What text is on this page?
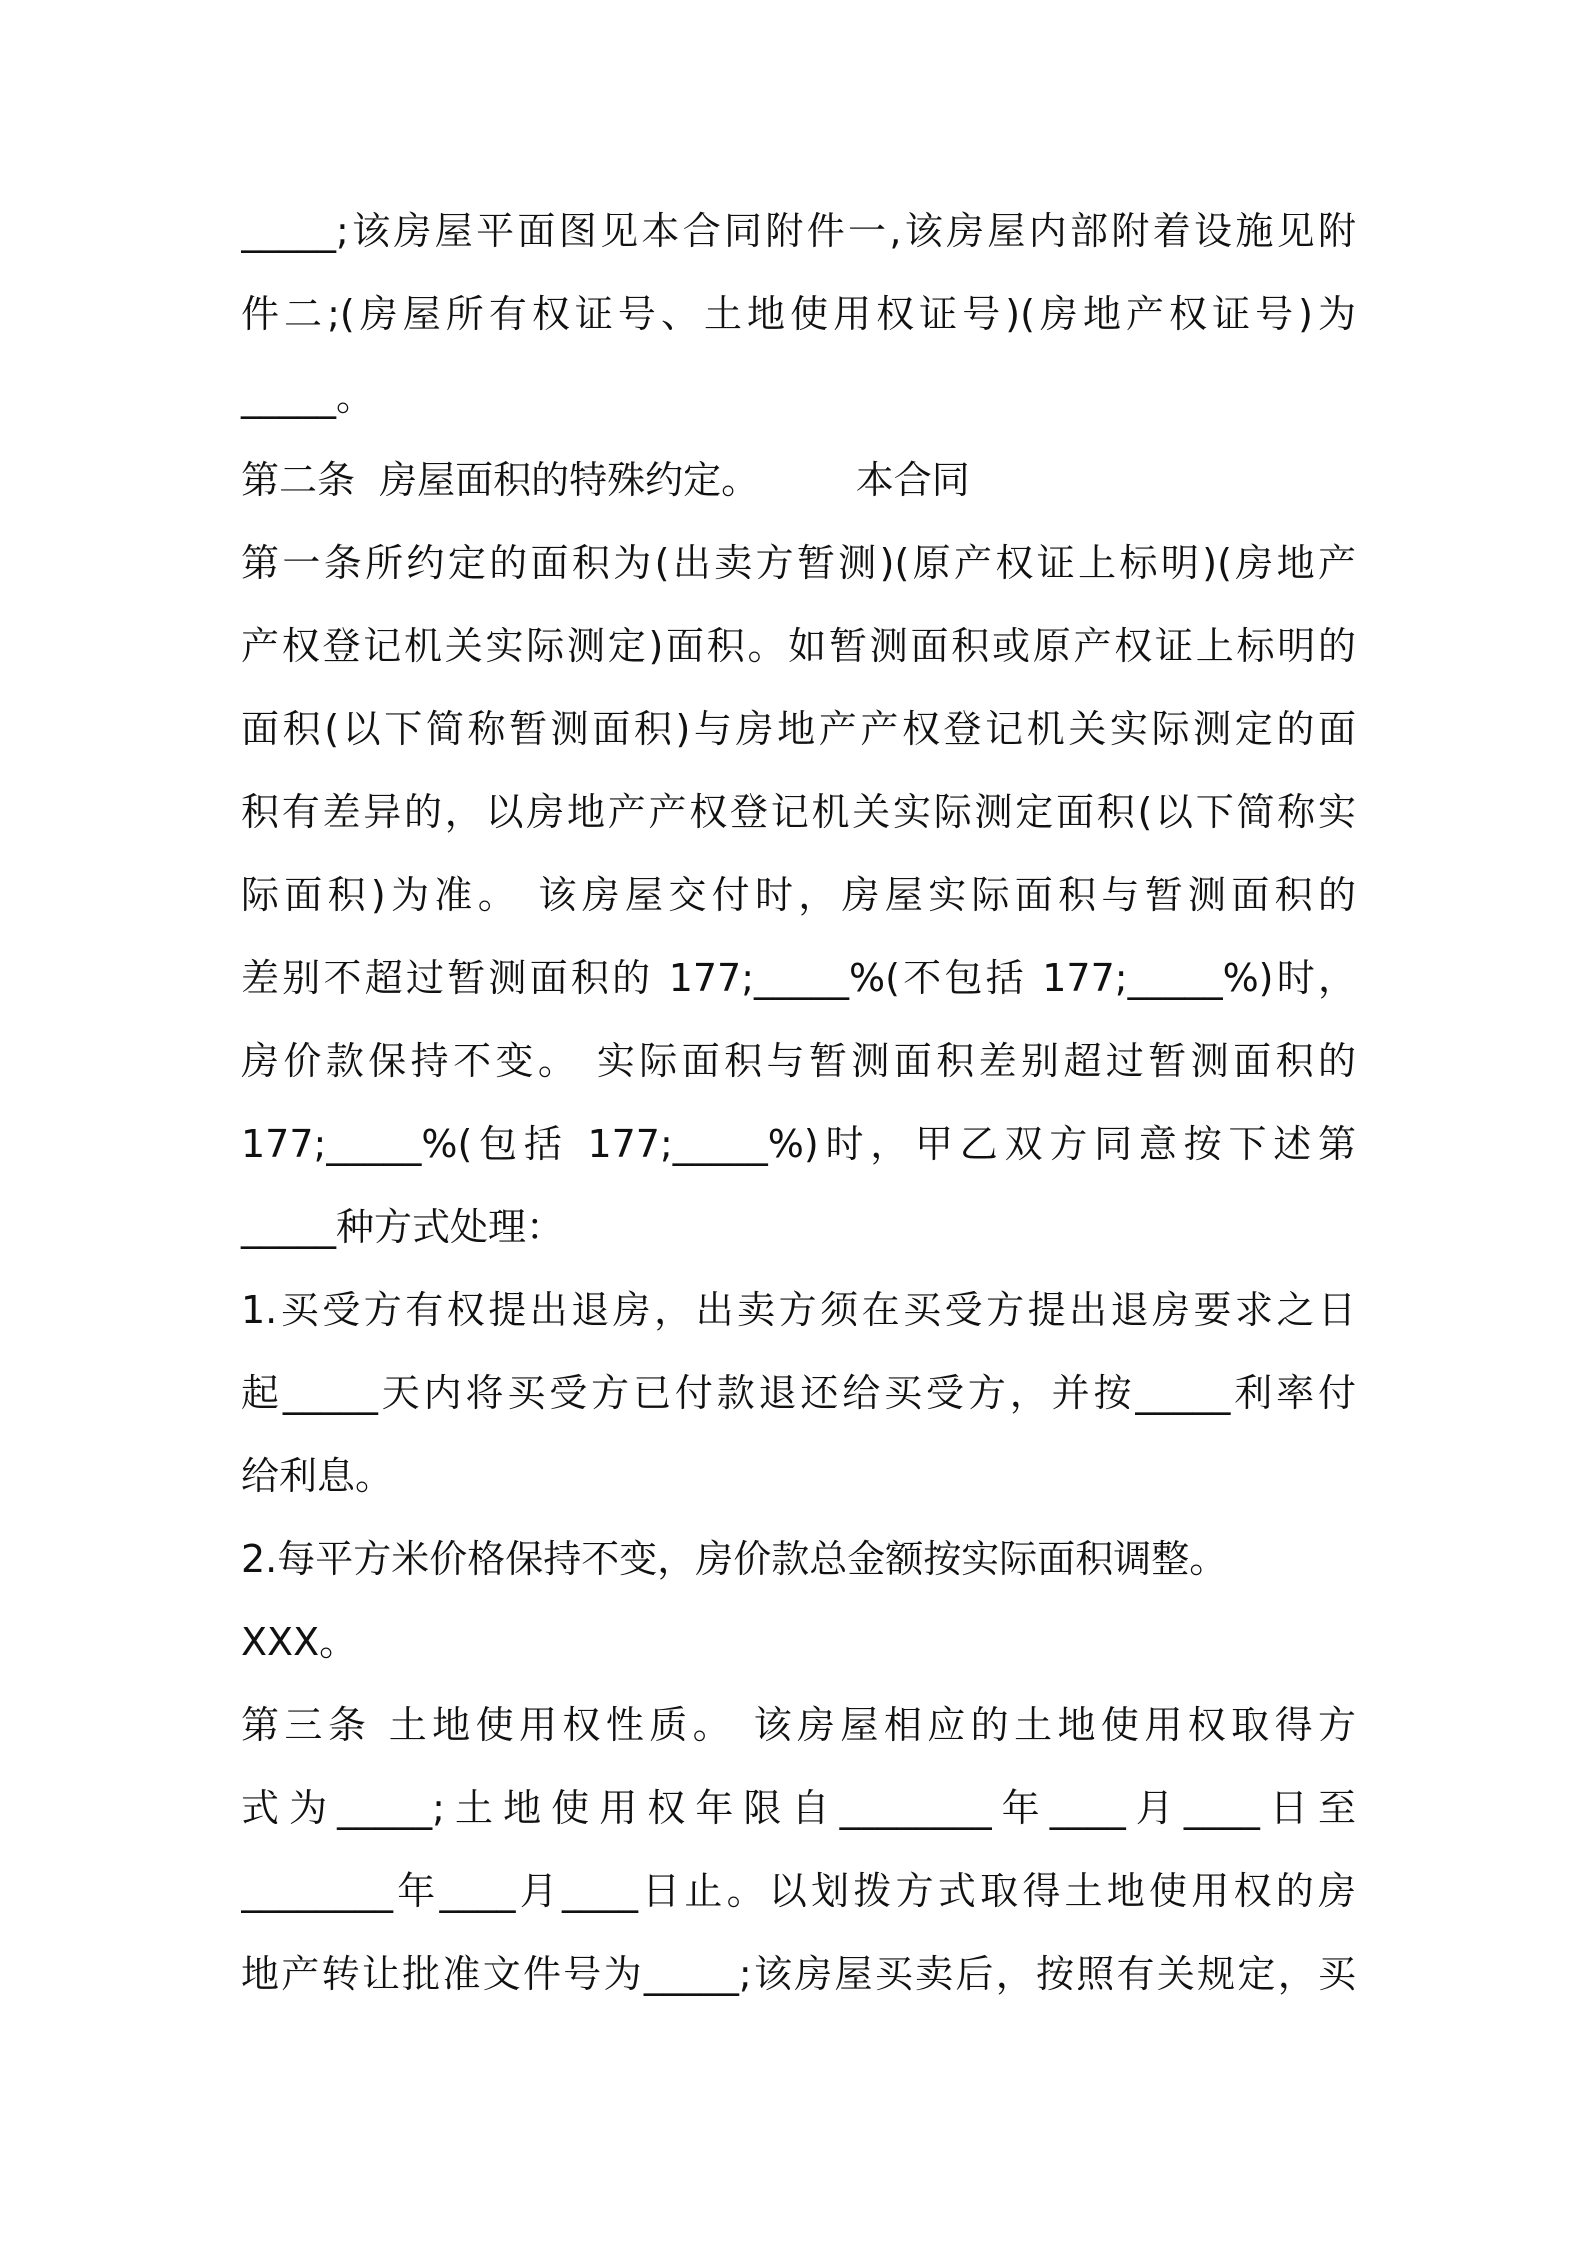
_____;该房屋平面图见本合同附件一,该房屋内部附着设施见附
件二;(房屋所有权证号、土地使用权证号)(房地产权证号)为
_____。
第二条  房屋面积的特殊约定。        本合同
第一条所约定的面积为(出卖方暂测)(原产权证上标明)(房地产
产权登记机关实际测定)面积。如暂测面积或原产权证上标明的
面积(以下简称暂测面积)与房地产产权登记机关实际测定的面
积有差异的，以房地产产权登记机关实际测定面积(以下简称实
际面积)为准。 该房屋交付时，房屋实际面积与暂测面积的
差别不超过暂测面积的 177;_____%(不包括 177;_____%)时，
房价款保持不变。 实际面积与暂测面积差别超过暂测面积的
177;_____%(包括 177;_____%)时，甲乙双方同意按下述第
_____种方式处理：
1.买受方有权提出退房，出卖方须在买受方提出退房要求之日
起_____天内将买受方已付款退还给买受方，并按_____利率付
给利息。
2.每平方米价格保持不变，房价款总金额按实际面积调整。
XXX。
第三条 土地使用权性质。 该房屋相应的土地使用权取得方
式为_____;土地使用权年限自________年____月____日至
________年____月____日止。以划拨方式取得土地使用权的房
地产转让批准文件号为_____;该房屋买卖后，按照有关规定，买
